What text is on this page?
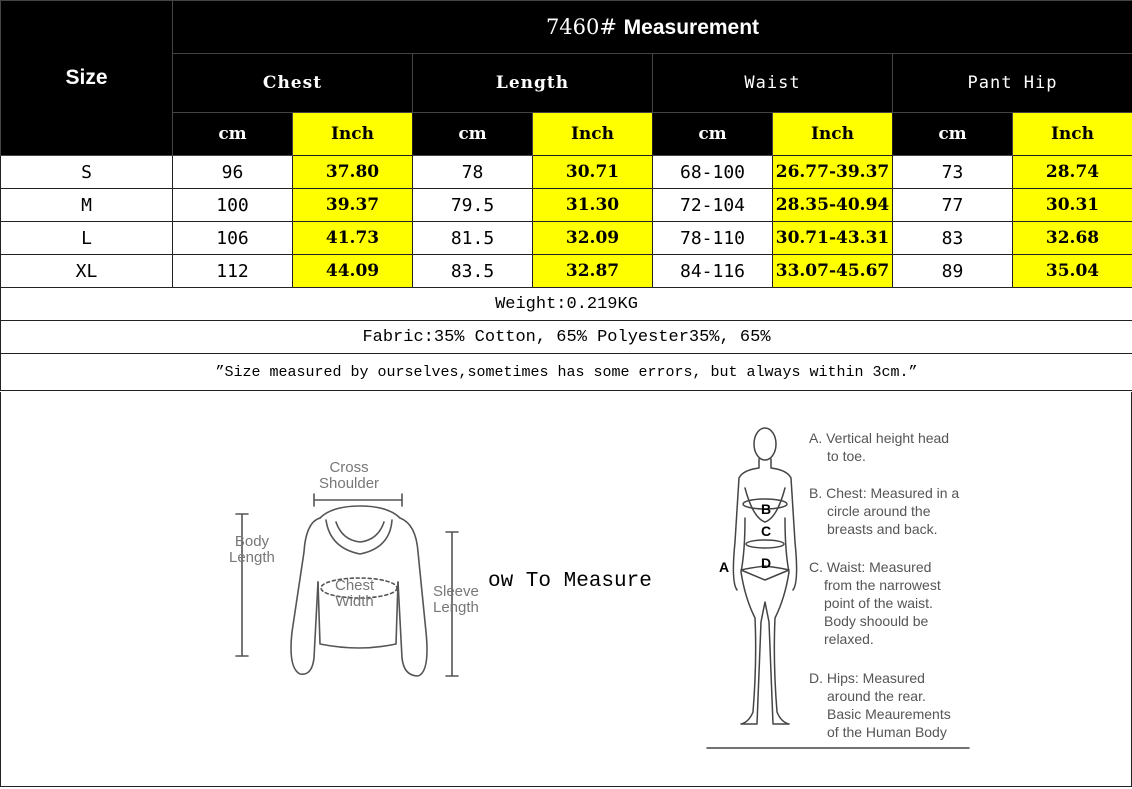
Size	7460# Measurement							
	Chest		Length		Waist		Pant Hip	
	cm	Inch	cm	Inch	cm	Inch	cm	Inch
S	96	37.80	78	30.71	68-100	26.77-39.37	73	28.74
M	100	39.37	79.5	31.30	72-104	28.35-40.94	77	30.31
L	106	41.73	81.5	32.09	78-110	30.71-43.31	83	32.68
XL	112	44.09	83.5	32.87	84-116	33.07-45.67	89	35.04
Weight:0.219KG								
Fabric:35% Cotton, 65% Polyester35%, 65%								
”Size measured by ourselves,sometimes has some errors, but always within 3cm.”								
Cross
Shoulder
Body
Length
Chest
Width
Sleeve
Length
ow To Measure
A
B
C
D
A. Vertical height head
to toe.
B. Chest: Measured in a
circle around the
breasts and back.
C. Waist: Measured
from the narrowest
point of the waist.
Body shoould be
relaxed.
D. Hips: Measured
around the rear.
Basic Meaurements
of the Human Body
